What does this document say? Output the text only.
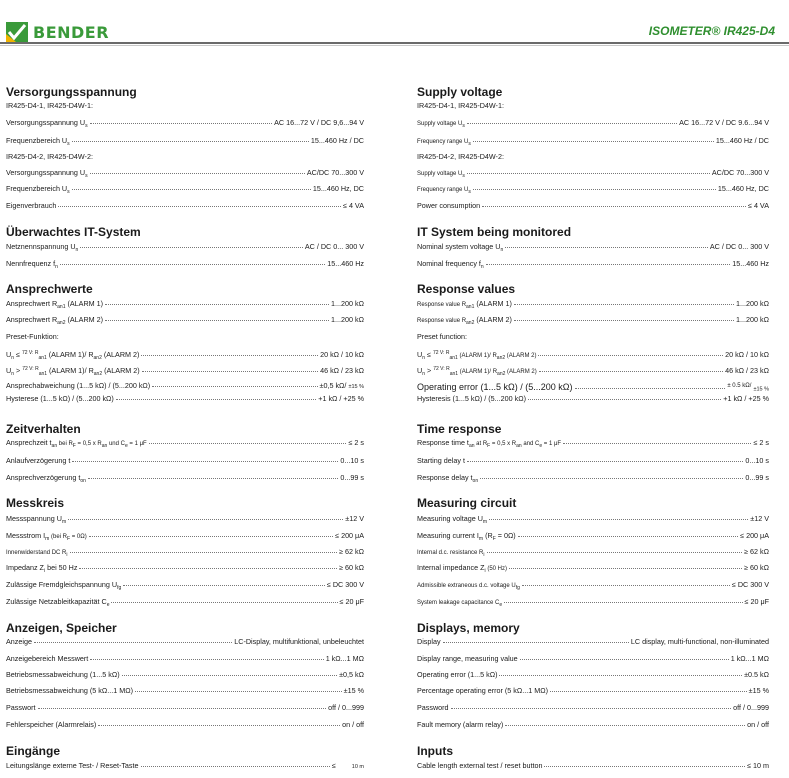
BENDER	ISOMETER® IR425-D4
Versorgungsspannung
IR425-D4-1, IR425-D4W-1:
Versorgungsspannung $U_s$	AC 16...72 V / DC 9,6...94 V
Frequenzbereich $U_s$	15...460 Hz / DC
IR425-D4-2, IR425-D4W-2:
Versorgungsspannung $U_s$	AC/DC 70...300 V
Frequenzbereich $U_s$	15...460 Hz, DC
Eigenverbrauch	≤ 4 VA
Überwachtes IT-System
Netznennspannung $U_n$	AC / DC 0... 300 V
Nennfrequenz $f_n$	15...460 Hz
Ansprechwerte
Ansprechwert $R_{an1}$ (ALARM 1)	1...200 kΩ
Ansprechwert $R_{an2}$ (ALARM 2)	1...200 kΩ
Preset-Funktion:
$U_n \le ^{72 V: R}_{an1}$ (ALARM 1)/ $R_{an2}$ (ALARM 2)	20 kΩ / 10 kΩ
$U_n > ^{72 V: R}_{an1}$ (ALARM 1)/ $R_{an2}$ (ALARM 2)	46 kΩ / 23 kΩ
Ansprechabweichung (1...5 kΩ) / (5...200 kΩ)	±0,5 kΩ/ ±15 %
Hysterese (1...5 kΩ) / (5...200 kΩ)	+1 kΩ / +25 %
Zeitverhalten
Ansprechzeit $t_{an}$ bei $R_F = 0,5$ x $R_{an}$ und $C_e = 1$ μF	≤ 2 s
Anlaufverzögerung t	0...10 s
Ansprechverzögerung $t_{on}$	0...99 s
Messkreis
Messspannung $U_m$	±12 V
Messstrom $I_m$ (bei $R_F = 0\Omega$)	≤ 200 μA
Innenwiderstand DC $R_i$	≥ 62 kΩ
Impedanz $Z_i$ bei 50 Hz	≥ 60 kΩ
Zulässige Fremdgleichspannung $U_{fg}$	≤ DC 300 V
Zulässige Netzableitkapazität $C_e$	≤ 20 μF
Anzeigen, Speicher
Anzeige	LC-Display, multifunktional, unbeleuchtet
Anzeigebereich Messwert	1 kΩ...1 MΩ
Betriebsmessabweichung (1...5 kΩ)	±0,5 kΩ
Betriebsmessabweichung (5 kΩ...1 MΩ)	±15 %
Passwort	off / 0...999
Fehlerspeicher (Alarmrelais)	on / off
Eingänge
Leitungslänge externe Test- / Reset-Taste	≤	10 m
Supply voltage
IR425-D4-1, IR425-D4W-1:
Supply voltage $U_s$	AC 16...72 V / DC 9.6...94 V
Frequency range $U_s$	15...460 Hz / DC
IR425-D4-2, IR425-D4W-2:
Supply voltage $U_s$	AC/DC 70...300 V
Frequency range $U_s$	15...460 Hz, DC
Power consumption	≤ 4 VA
IT System being monitored
Nominal system voltage $U_n$	AC / DC 0... 300 V
Nominal frequency $f_n$	15...460 Hz
Response values
Response value $R_{an1}$ (ALARM 1)	1...200 kΩ
Response value $R_{an2}$ (ALARM 2)	1...200 kΩ
Preset function:
$U_n \le ^{72 V: R}_{an1}$ (ALARM 1)/ $R_{an2}$ (ALARM 2)	20 kΩ / 10 kΩ
$U_n > ^{72 V: R}_{an1}$ (ALARM 1)/ $R_{an2}$ (ALARM 2)	46 kΩ / 23 kΩ
Operating error (1...5 kΩ) / (5...200 kΩ)	$^{\pm 0.5 k\Omega/}$ ±15 %
Hysteresis (1...5 kΩ) / (5...200 kΩ)	+1 kΩ / +25 %
Time response
Response time $t_{an}$ at $R_F = 0,5$ x $R_{an}$ and $C_e = 1$ μF	≤ 2 s
Starting delay t	0...10 s
Response delay $t_{on}$	0...99 s
Measuring circuit
Measuring voltage $U_m$	±12 V
Measuring current $I_m$ $(R_F = 0\Omega)$	≤ 200 μA
Internal d.c. resistance $R_i$	≥ 62 kΩ
Internal impedance $Z_i$ (50 Hz)	≥ 60 kΩ
Admissible extraneous d.c. voltage $U_{fg}$	≤ DC 300 V
System leakage capacitance $C_e$	≤ 20 μF
Displays, memory
Display	LC display, multi-functional, non-illuminated
Display range, measuring value	1 kΩ...1 MΩ
Operating error (1...5 kΩ)	±0.5 kΩ
Percentage operating error (5 kΩ...1 MΩ)	±15 %
Password	off / 0...999
Fault memory (alarm relay)	on / off
Inputs
Cable length external test / reset button	≤ 10 m
